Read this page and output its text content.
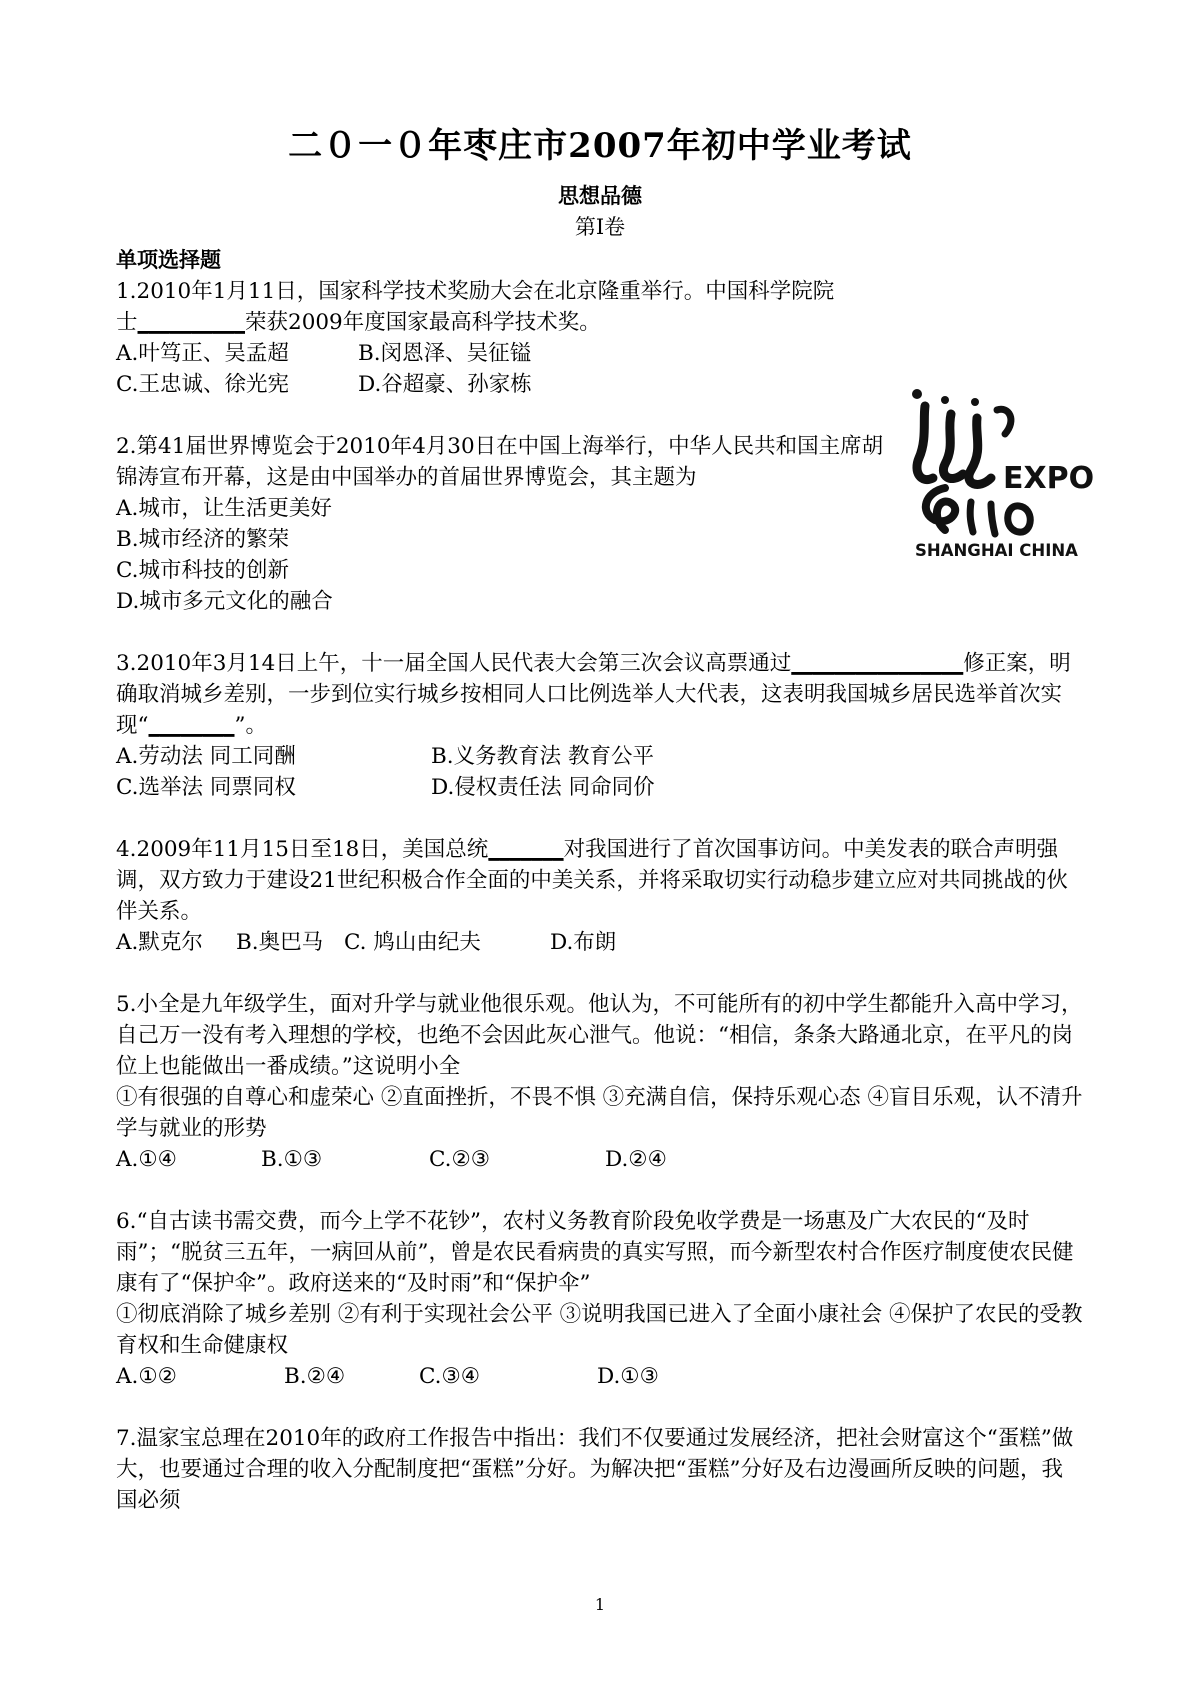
二０一０年枣庄市2007年初中学业考试
思想品德
第Ⅰ卷
单项选择题

1.2010年1月11日，国家科学技术奖励大会在北京隆重举行。中国科学院院
士__________荣获2009年度国家最高科学技术奖。

A.叶笃正、吴孟超	B.闵恩泽、吴征镒
C.王忠诚、徐光宪	D.谷超豪、孙家栋

2.第41届世界博览会于2010年4月30日在中国上海举行，中华人民共和国主席胡锦涛宣布开幕，这是由中国举办的首届世界博览会，其主题为

A.城市，让生活更美好

B.城市经济的繁荣

C.城市科技的创新

D.城市多元文化的融合

3.2010年3月14日上午，十一届全国人民代表大会第三次会议高票通过________________修正案，明确取消城乡差别，一步到位实行城乡按相同人口比例选举人大代表，这表明我国城乡居民选举首次实现“________”。

A.劳动法 同工同酬	B.义务教育法 教育公平
C.选举法 同票同权	D.侵权责任法 同命同价

4.2009年11月15日至18日，美国总统_______对我国进行了首次国事访问。中美发表的联合声明强调，双方致力于建设21世纪积极合作全面的中美关系，并将采取切实行动稳步建立应对共同挑战的伙伴关系。

A.默克尔	B.奥巴马 C. 鸠山由纪夫	D.布朗

5.小全是九年级学生，面对升学与就业他很乐观。他认为，不可能所有的初中学生都能升入高中学习，自己万一没有考入理想的学校，也绝不会因此灰心泄气。他说：“相信，条条大路通北京，在平凡的岗位上也能做出一番成绩。”这说明小全

①有很强的自尊心和虚荣心 ②直面挫折，不畏不惧 ③充满自信，保持乐观心态 ④盲目乐观，认不清升学与就业的形势

A.①④	B.①③	C.②③	D.②④

6.“自古读书需交费，而今上学不花钞”，农村义务教育阶段免收学费是一场惠及广大农民的“及时雨”；“脱贫三五年，一病回从前”，曾是农民看病贵的真实写照，而今新型农村合作医疗制度使农民健康有了“保护伞”。政府送来的“及时雨”和“保护伞”

①彻底消除了城乡差别 ②有利于实现社会公平 ③说明我国已进入了全面小康社会 ④保护了农民的受教育权和生命健康权

A.①②	B.②④	C.③④	D.①③

7.温家宝总理在2010年的政府工作报告中指出：我们不仅要通过发展经济，把社会财富这个“蛋糕”做大，也要通过合理的收入分配制度把“蛋糕”分好。为解决把“蛋糕”分好及右边漫画所反映的问题，我国必须

EXPO
SHANGHAI CHINA
1
